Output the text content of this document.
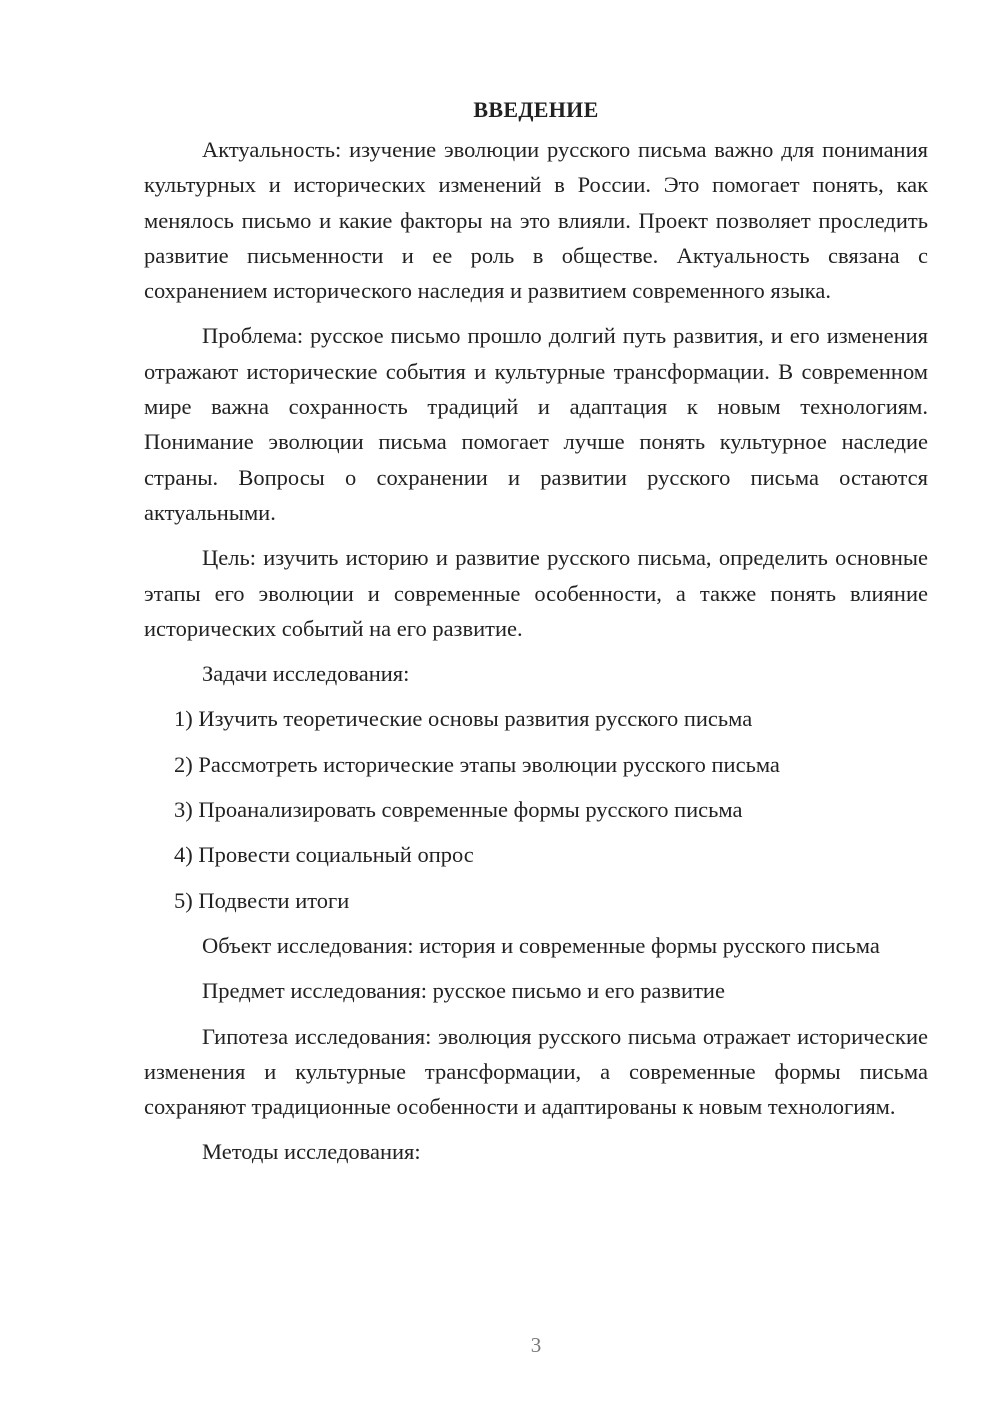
ВВЕДЕНИЕ

Актуальность: изучение эволюции русского письма важно для понимания культурных и исторических изменений в России. Это помогает понять, как менялось письмо и какие факторы на это влияли. Проект позволяет проследить развитие письменности и ее роль в обществе. Актуальность связана с сохранением исторического наследия и развитием современного языка.

Проблема: русское письмо прошло долгий путь развития, и его изменения отражают исторические события и культурные трансформации. В современном мире важна сохранность традиций и адаптация к новым технологиям. Понимание эволюции письма помогает лучше понять культурное наследие страны. Вопросы о сохранении и развитии русского письма остаются актуальными.

Цель: изучить историю и развитие русского письма, определить основные этапы его эволюции и современные особенности, а также понять влияние исторических событий на его развитие.

Задачи исследования:
1) Изучить теоретические основы развития русского письма
2) Рассмотреть исторические этапы эволюции русского письма
3) Проанализировать современные формы русского письма
4) Провести социальный опрос
5) Подвести итоги

Объект исследования: история и современные формы русского письма

Предмет исследования: русское письмо и его развитие

Гипотеза исследования: эволюция русского письма отражает исторические изменения и культурные трансформации, а современные формы письма сохраняют традиционные особенности и адаптированы к новым технологиям.

Методы исследования:

3
